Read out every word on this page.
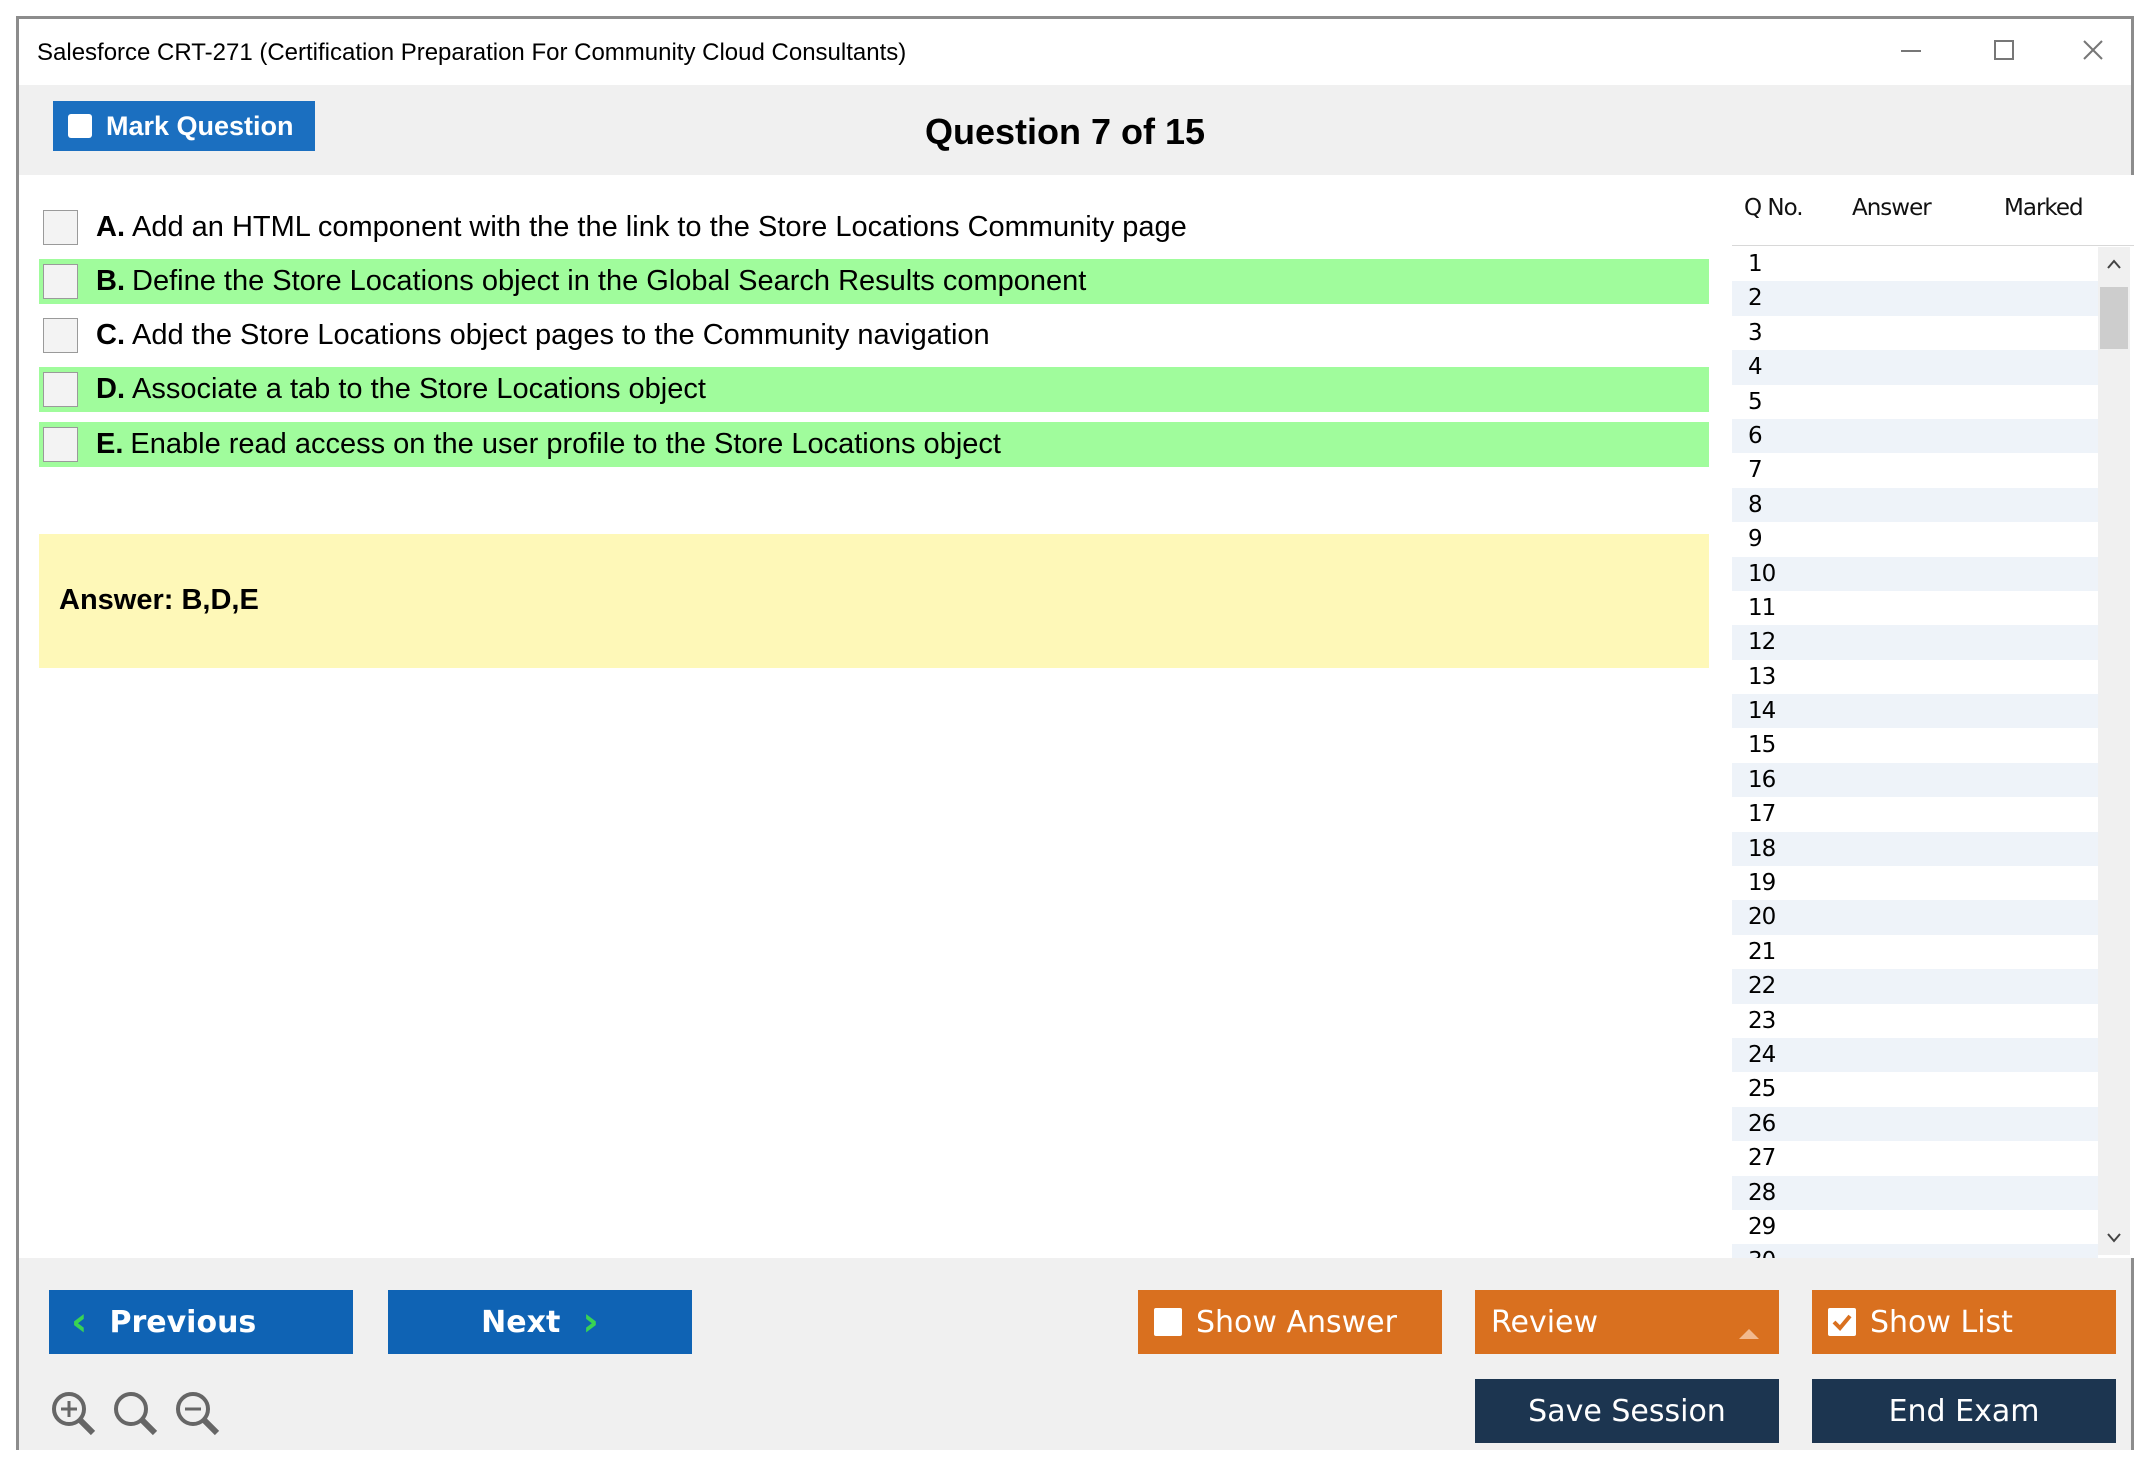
Salesforce CRT-271 (Certification Preparation For Community Cloud Consultants)
Mark Question	Question 7 of 15
A. Add an HTML component with the the link to the Store Locations Community page
B. Define the Store Locations object in the Global Search Results component
C. Add the Store Locations object pages to the Community navigation
D. Associate a tab to the Store Locations object
E. Enable read access on the user profile to the Store Locations object
Answer: B,D,E
Q No. Answer	Marked
1
2
3
4
5
6
7
8
9
10
11
12
13
14
15
16
17
18
19
20
21
22
23
24
25
26
27
28
29
‹ Previous	Next ›	Show Answer	Review	Show List
Save Session	End Exam
